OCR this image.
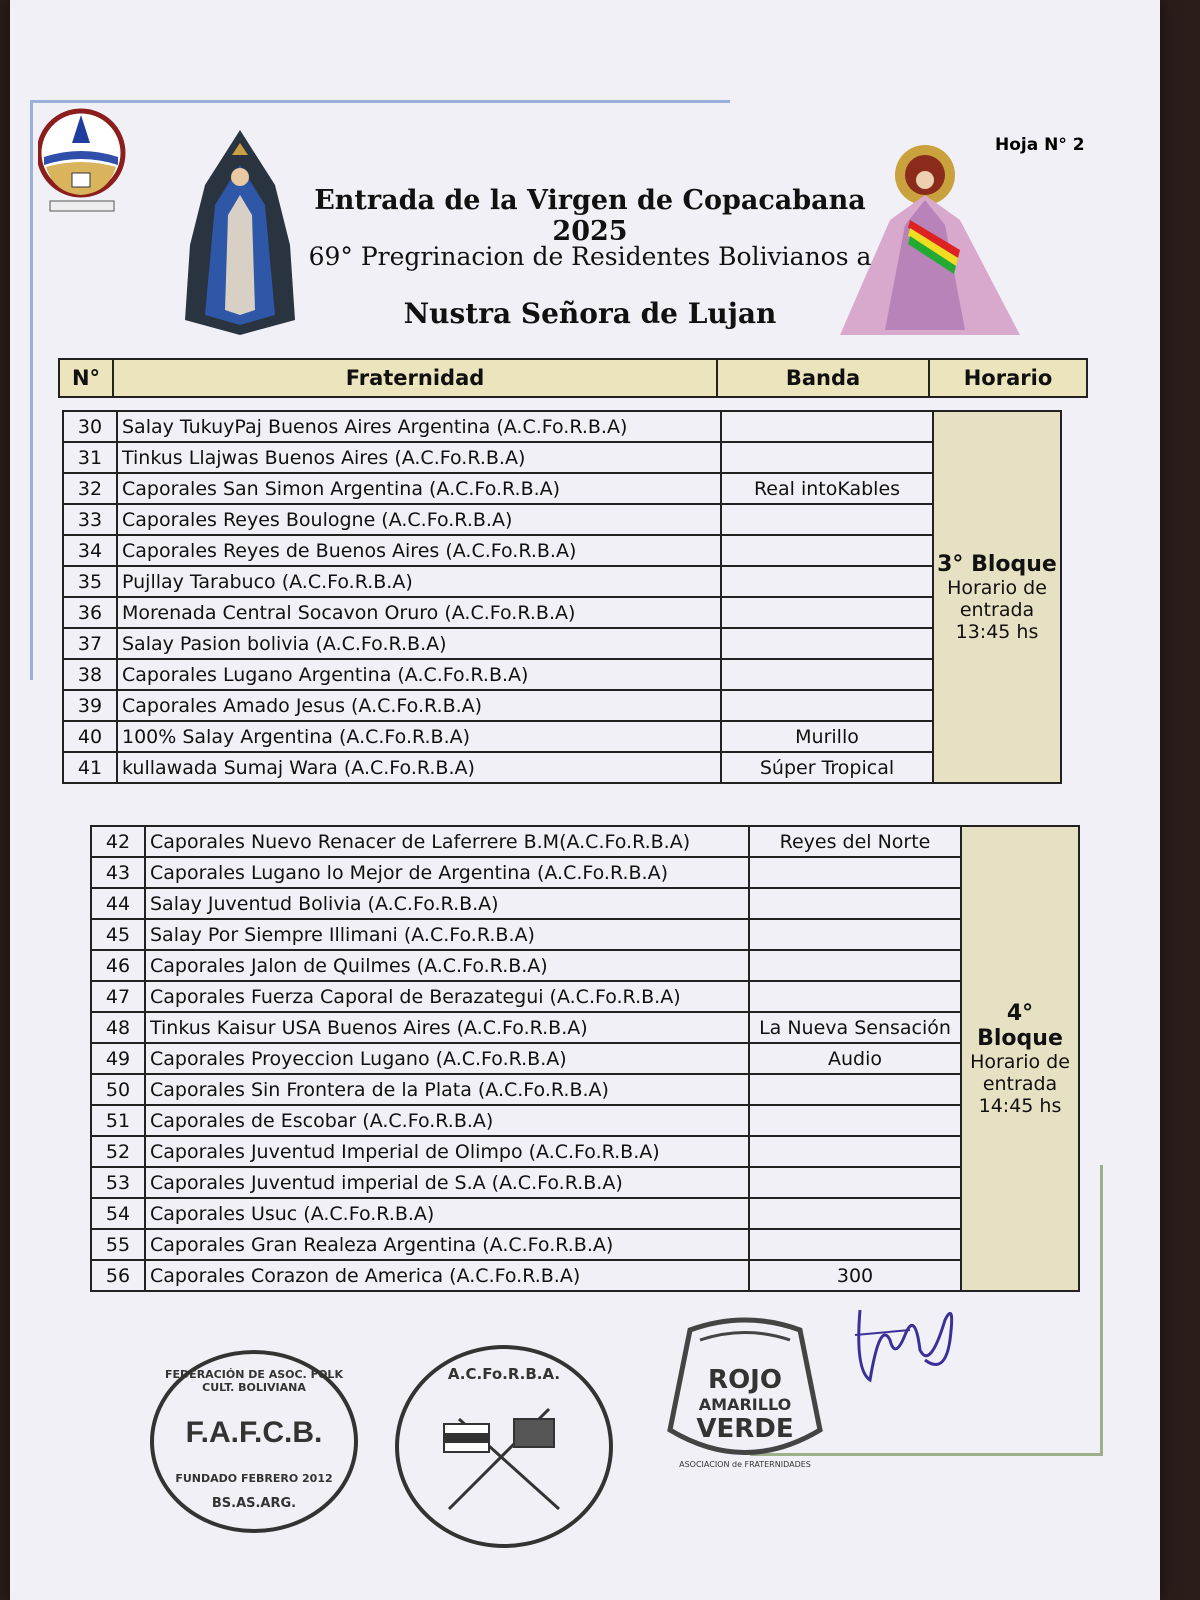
Hoja N° 2
Entrada de la Virgen de Copacabana 2025
69° Pregrinacion de Residentes Bolivianos a
Nustra Señora de Lujan
N°	Fraternidad	Banda	Horario
30	Salay TukuyPaj Buenos Aires Argentina (A.C.Fo.R.B.A)		3° Bloque
Horario de
entrada
13:45 hs
31	Tinkus Llajwas Buenos Aires (A.C.Fo.R.B.A)		
32	Caporales San Simon Argentina (A.C.Fo.R.B.A)	Real intoKables	
33	Caporales Reyes Boulogne (A.C.Fo.R.B.A)		
34	Caporales Reyes de Buenos Aires (A.C.Fo.R.B.A)		
35	Pujllay Tarabuco (A.C.Fo.R.B.A)		
36	Morenada Central Socavon Oruro (A.C.Fo.R.B.A)		
37	Salay Pasion bolivia (A.C.Fo.R.B.A)		
38	Caporales Lugano Argentina (A.C.Fo.R.B.A)		
39	Caporales Amado Jesus (A.C.Fo.R.B.A)		
40	100% Salay Argentina (A.C.Fo.R.B.A)	Murillo	
41	kullawada Sumaj Wara (A.C.Fo.R.B.A)	Súper Tropical	
42	Caporales Nuevo Renacer de Laferrere B.M(A.C.Fo.R.B.A)	Reyes del Norte	4° Bloque
Horario de
entrada
14:45 hs
43	Caporales Lugano lo Mejor de Argentina (A.C.Fo.R.B.A)		
44	Salay Juventud Bolivia (A.C.Fo.R.B.A)		
45	Salay Por Siempre Illimani (A.C.Fo.R.B.A)		
46	Caporales Jalon de Quilmes (A.C.Fo.R.B.A)		
47	Caporales Fuerza Caporal de Berazategui (A.C.Fo.R.B.A)		
48	Tinkus Kaisur USA Buenos Aires (A.C.Fo.R.B.A)	La Nueva Sensación	
49	Caporales Proyeccion Lugano (A.C.Fo.R.B.A)	Audio	
50	Caporales Sin Frontera de la Plata (A.C.Fo.R.B.A)		
51	Caporales de Escobar (A.C.Fo.R.B.A)		
52	Caporales Juventud Imperial de Olimpo (A.C.Fo.R.B.A)		
53	Caporales Juventud imperial de S.A (A.C.Fo.R.B.A)		
54	Caporales Usuc (A.C.Fo.R.B.A)		
55	Caporales Gran Realeza Argentina (A.C.Fo.R.B.A)		
56	Caporales Corazon de America (A.C.Fo.R.B.A)	300	
FEDERACIÓN DE ASOC. FOLK CULT. BOLIVIANA
F.A.F.C.B.
FUNDADO FEBRERO 2012
BS.AS.ARG.
A.C.Fo.R.B.A.	ROJO
AMARILLO
VERDE
ASOCIACION de FRATERNIDADES
